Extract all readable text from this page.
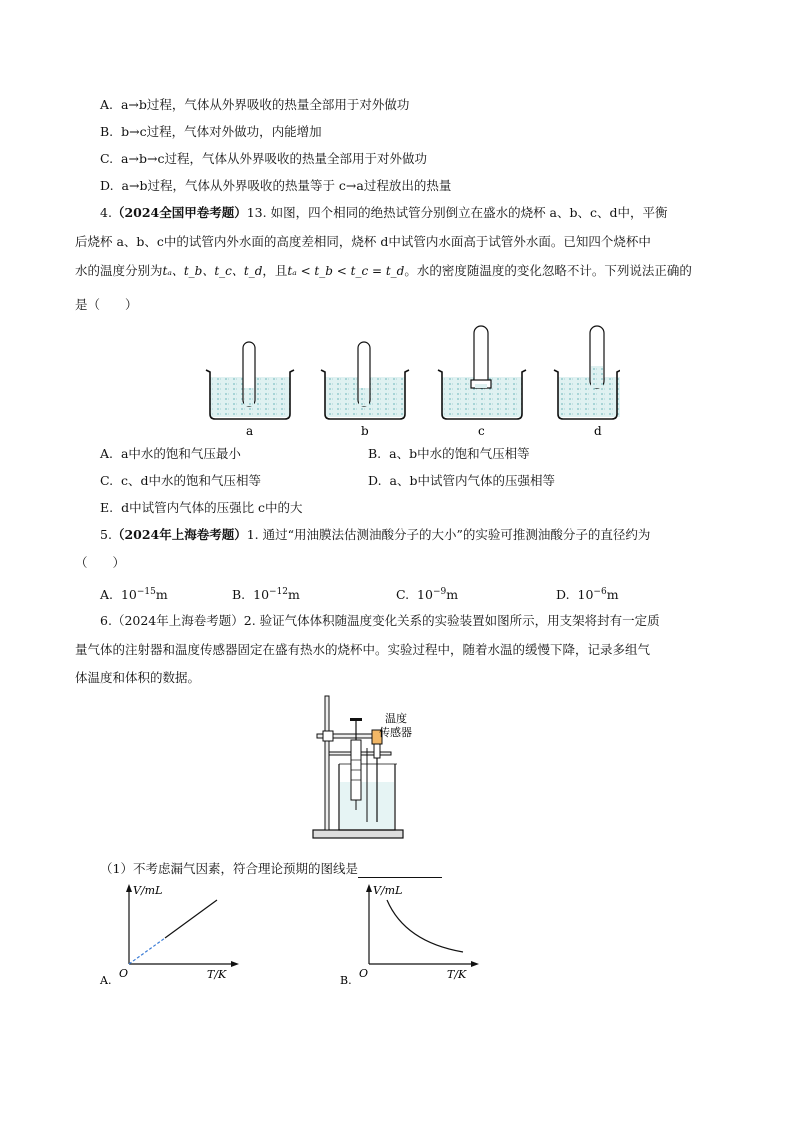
A. a→b过程，气体从外界吸收的热量全部用于对外做功
B. b→c过程，气体对外做功，内能增加
C. a→b→c过程，气体从外界吸收的热量全部用于对外做功
D. a→b过程，气体从外界吸收的热量等于 c→a过程放出的热量
4.（2024全国甲卷考题）13. 如图，四个相同的绝热试管分别倒立在盛水的烧杯 a、b、c、d中，平衡
后烧杯 a、b、c中的试管内外水面的高度差相同，烧杯 d中试管内水面高于试管外水面。已知四个烧杯中
水的温度分别为tₐ、t_b、t_c、t_d，且tₐ < t_b < t_c = t_d。水的密度随温度的变化忽略不计。下列说法正确的
是（　　）
a	b	c	d
A. a中水的饱和气压最小	B. a、b中水的饱和气压相等
C. c、d中水的饱和气压相等	D. a、b中试管内气体的压强相等
E. d中试管内气体的压强比 c中的大
5.（2024年上海卷考题）1. 通过“用油膜法估测油酸分子的大小”的实验可推测油酸分子的直径约为
（　　）
A. $10^{-15}m$	B. $10^{-12}m$	C. $10^{-9}m$	D. $10^{-6}m$
6.（2024年上海卷考题）2. 验证气体体积随温度变化关系的实验装置如图所示，用支架将封有一定质
量气体的注射器和温度传感器固定在盛有热水的烧杯中。实验过程中，随着水温的缓慢下降，记录多组气
体温度和体积的数据。
温度
传感器
（1）不考虑漏气因素，符合理论预期的图线是
V/mL
T/K
O
A.
V/mL
T/K
O
B.
